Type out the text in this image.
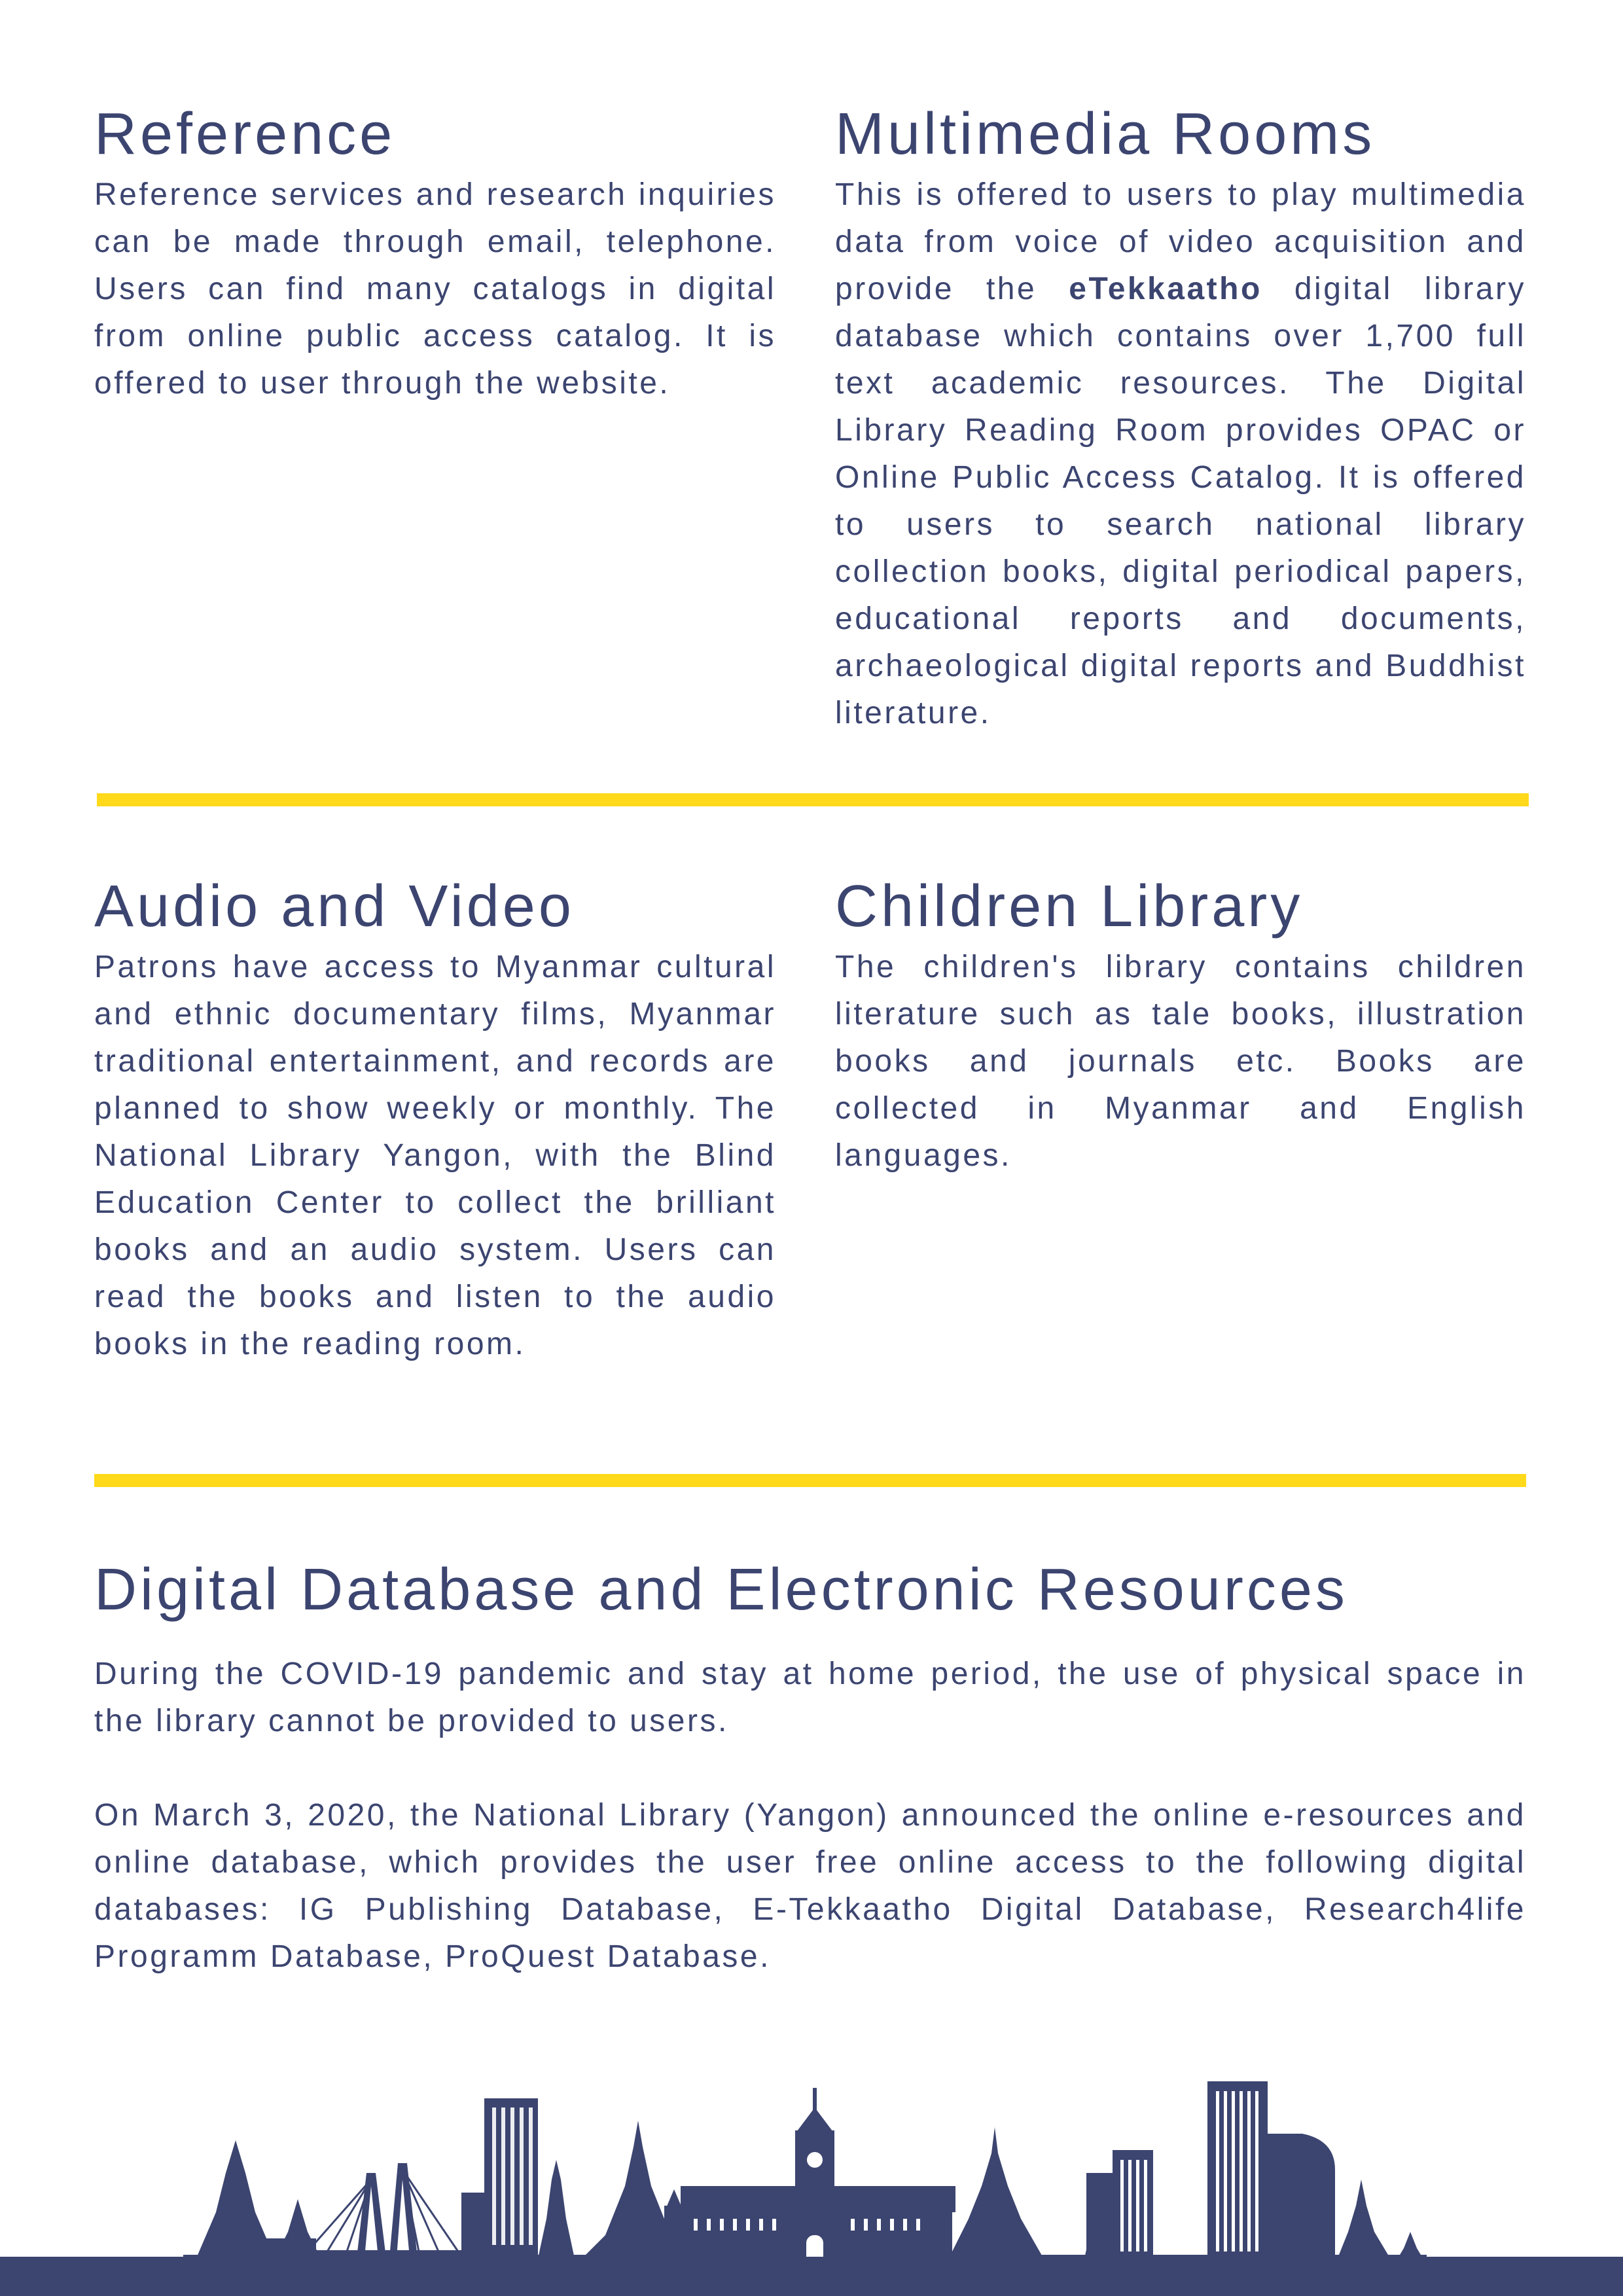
Reference

Reference services and research inquiries can be made through email, telephone. Users can find many catalogs in digital from online public access catalog. It is offered to user through the website.

Multimedia Rooms

This is offered to users to play multimedia data from voice of video acquisition and provide the eTekkaatho digital library database which contains over 1,700 full text academic resources. The Digital Library Reading Room provides OPAC or Online Public Access Catalog. It is offered to users to search national library collection books, digital periodical papers, educational reports and documents, archaeological digital reports and Buddhist literature.

Audio and Video

Patrons have access to Myanmar cultural and ethnic documentary films, Myanmar traditional entertainment, and records are planned to show weekly or monthly. The National Library Yangon, with the Blind Education Center to collect the brilliant books and an audio system. Users can read the books and listen to the audio books in the reading room.

Children Library

The children's library contains children literature such as tale books, illustration books and journals etc. Books are collected in Myanmar and English languages.

Digital Database and Electronic Resources

During the COVID-19 pandemic and stay at home period, the use of physical space in the library cannot be provided to users.

On March 3, 2020, the National Library (Yangon) announced the online e-resources and online database, which provides the user free online access to the following digital databases: IG Publishing Database, E-Tekkaatho Digital Database, Research4life Programm Database, ProQuest Database.
